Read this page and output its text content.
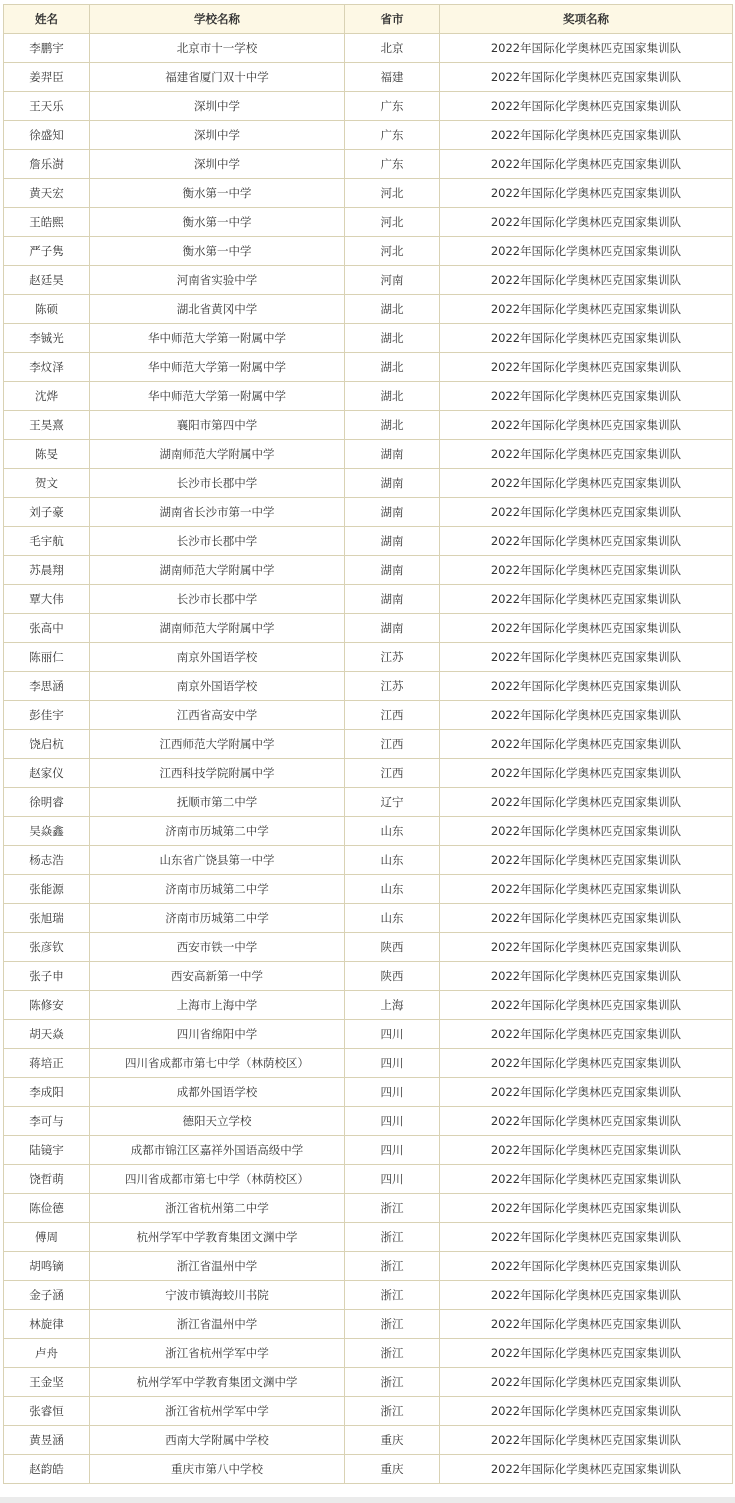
姓名	学校名称	省市	奖项名称
李鹏宇	北京市十一学校	北京	2022年国际化学奥林匹克国家集训队
姜羿臣	福建省厦门双十中学	福建	2022年国际化学奥林匹克国家集训队
王天乐	深圳中学	广东	2022年国际化学奥林匹克国家集训队
徐盛知	深圳中学	广东	2022年国际化学奥林匹克国家集训队
詹乐澍	深圳中学	广东	2022年国际化学奥林匹克国家集训队
黄天宏	衡水第一中学	河北	2022年国际化学奥林匹克国家集训队
王皓熙	衡水第一中学	河北	2022年国际化学奥林匹克国家集训队
严子隽	衡水第一中学	河北	2022年国际化学奥林匹克国家集训队
赵廷昊	河南省实验中学	河南	2022年国际化学奥林匹克国家集训队
陈硕	湖北省黄冈中学	湖北	2022年国际化学奥林匹克国家集训队
李铖光	华中师范大学第一附属中学	湖北	2022年国际化学奥林匹克国家集训队
李炆泽	华中师范大学第一附属中学	湖北	2022年国际化学奥林匹克国家集训队
沈烨	华中师范大学第一附属中学	湖北	2022年国际化学奥林匹克国家集训队
王昊熹	襄阳市第四中学	湖北	2022年国际化学奥林匹克国家集训队
陈旻	湖南师范大学附属中学	湖南	2022年国际化学奥林匹克国家集训队
贺文	长沙市长郡中学	湖南	2022年国际化学奥林匹克国家集训队
刘子豪	湖南省长沙市第一中学	湖南	2022年国际化学奥林匹克国家集训队
毛宇航	长沙市长郡中学	湖南	2022年国际化学奥林匹克国家集训队
苏晨翔	湖南师范大学附属中学	湖南	2022年国际化学奥林匹克国家集训队
覃大伟	长沙市长郡中学	湖南	2022年国际化学奥林匹克国家集训队
张高中	湖南师范大学附属中学	湖南	2022年国际化学奥林匹克国家集训队
陈丽仁	南京外国语学校	江苏	2022年国际化学奥林匹克国家集训队
李思涵	南京外国语学校	江苏	2022年国际化学奥林匹克国家集训队
彭佳宇	江西省高安中学	江西	2022年国际化学奥林匹克国家集训队
饶启杭	江西师范大学附属中学	江西	2022年国际化学奥林匹克国家集训队
赵家仪	江西科技学院附属中学	江西	2022年国际化学奥林匹克国家集训队
徐明睿	抚顺市第二中学	辽宁	2022年国际化学奥林匹克国家集训队
吴焱鑫	济南市历城第二中学	山东	2022年国际化学奥林匹克国家集训队
杨志浩	山东省广饶县第一中学	山东	2022年国际化学奥林匹克国家集训队
张能源	济南市历城第二中学	山东	2022年国际化学奥林匹克国家集训队
张旭瑞	济南市历城第二中学	山东	2022年国际化学奥林匹克国家集训队
张彦钦	西安市铁一中学	陕西	2022年国际化学奥林匹克国家集训队
张子申	西安高新第一中学	陕西	2022年国际化学奥林匹克国家集训队
陈修安	上海市上海中学	上海	2022年国际化学奥林匹克国家集训队
胡天焱	四川省绵阳中学	四川	2022年国际化学奥林匹克国家集训队
蒋培正	四川省成都市第七中学（林荫校区）	四川	2022年国际化学奥林匹克国家集训队
李成阳	成都外国语学校	四川	2022年国际化学奥林匹克国家集训队
李可与	德阳天立学校	四川	2022年国际化学奥林匹克国家集训队
陆镜宇	成都市锦江区嘉祥外国语高级中学	四川	2022年国际化学奥林匹克国家集训队
饶哲萌	四川省成都市第七中学（林荫校区）	四川	2022年国际化学奥林匹克国家集训队
陈俭德	浙江省杭州第二中学	浙江	2022年国际化学奥林匹克国家集训队
傅周	杭州学军中学教育集团文渊中学	浙江	2022年国际化学奥林匹克国家集训队
胡鸣镝	浙江省温州中学	浙江	2022年国际化学奥林匹克国家集训队
金子涵	宁波市镇海蛟川书院	浙江	2022年国际化学奥林匹克国家集训队
林旋律	浙江省温州中学	浙江	2022年国际化学奥林匹克国家集训队
卢舟	浙江省杭州学军中学	浙江	2022年国际化学奥林匹克国家集训队
王金坚	杭州学军中学教育集团文渊中学	浙江	2022年国际化学奥林匹克国家集训队
张睿恒	浙江省杭州学军中学	浙江	2022年国际化学奥林匹克国家集训队
黄昱涵	西南大学附属中学校	重庆	2022年国际化学奥林匹克国家集训队
赵韵皓	重庆市第八中学校	重庆	2022年国际化学奥林匹克国家集训队
